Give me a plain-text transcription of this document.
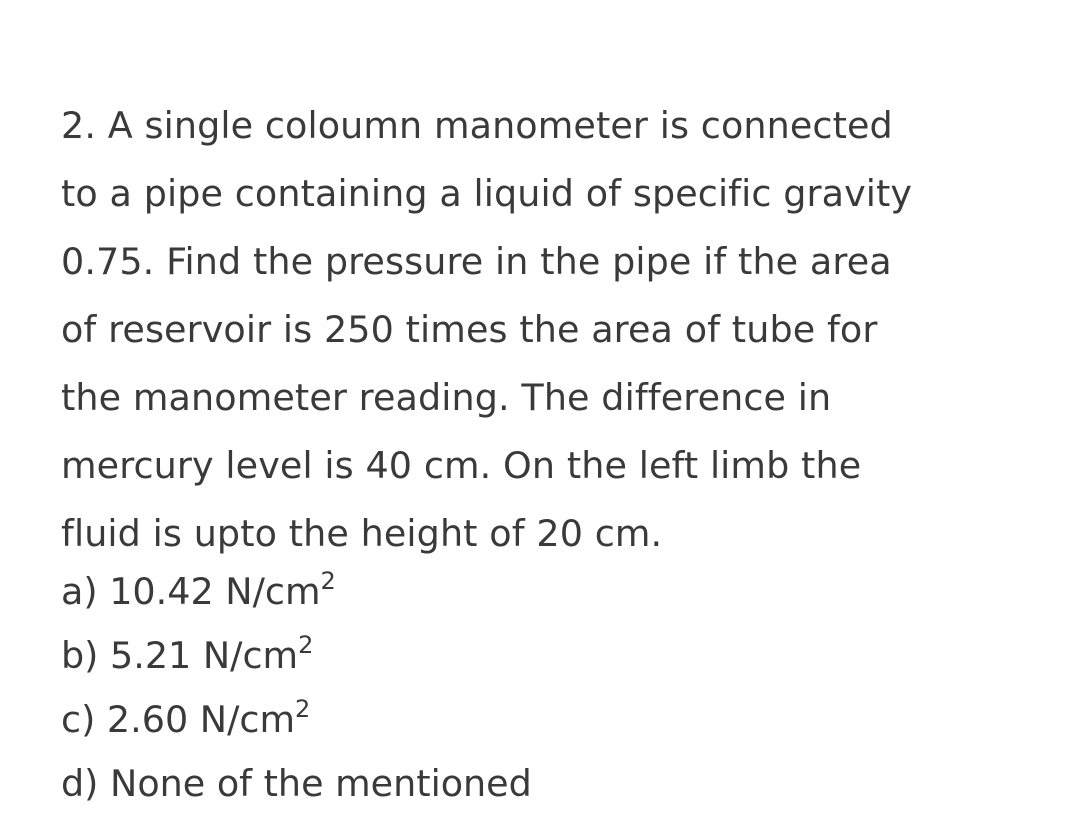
2. A single coloumn manometer is connected
to a pipe containing a liquid of specific gravity
0.75. Find the pressure in the pipe if the area
of reservoir is 250 times the area of tube for
the manometer reading. The difference in
mercury level is 40 cm. On the left limb the
fluid is upto the height of 20 cm.
a) 10.42 $N/cm^2$
b) 5.21 $N/cm^2$
c) 2.60 $N/cm^2$
d) None of the mentioned
